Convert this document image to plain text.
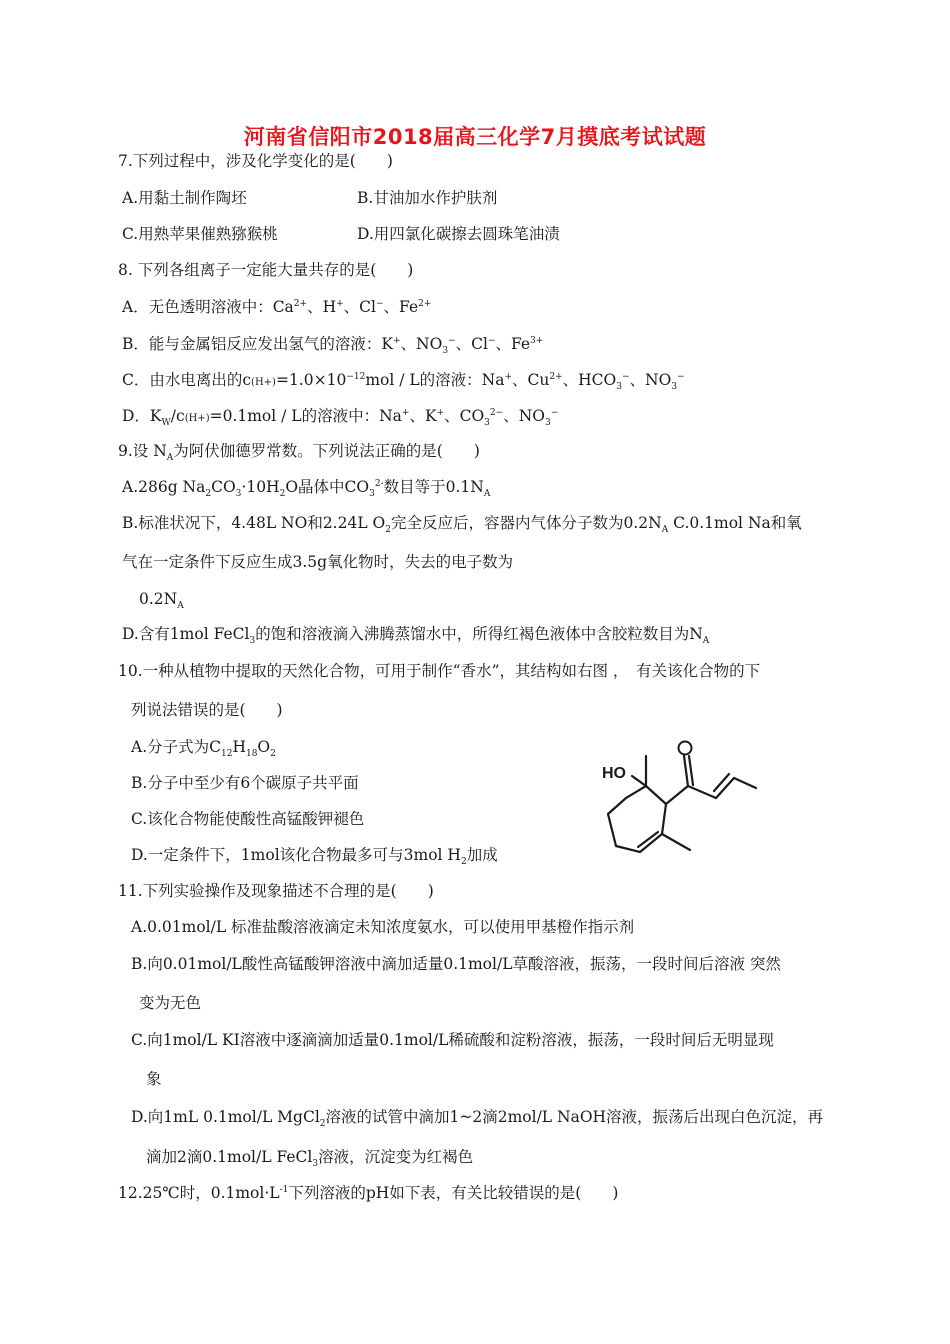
河南省信阳市2018届高三化学7月摸底考试试题
7.下列过程中，涉及化学变化的是(　　)
A.用黏土制作陶坯	B.甘油加水作护肤剂
C.用熟苹果催熟猕猴桃	D.用四氯化碳擦去圆珠笔油渍
8. 下列各组离子一定能大量共存的是(　　)
A．无色透明溶液中：$Ca^{2+}$、H+、Cl−、$Fe^{2+}$
B．能与金属铝反应发出氢气的溶液：K+、$NO_3^-$、Cl−、$Fe^{3+}$
C．由水电离出的$c(H+)=1.0\times 10^{-12}mol / L$的溶液：Na+、$Cu^{2+}$、$HCO_3^-$、$NO_3^-$
D．$K_W/c(H+)=0.1mol / L$的溶液中：Na+、K+、$CO_3^{2-}$、$NO_3^-$
9.设 $N_A$为阿伏伽德罗常数。下列说法正确的是(　　)
A.286g $Na_2CO_3\cdot 10H_2O$晶体中$CO_3^{2-}$数目等于$0.1N_A$
B.标准状况下，4.48L NO和2.24L $O_2$完全反应后，容器内气体分子数为$0.2N_A$ C.0.1mol Na和氧
气在一定条件下反应生成3.5g氧化物时，失去的电子数为
$0.2N_A$
D.含有1mol FeCl$_3$的饱和溶液滴入沸腾蒸馏水中，所得红褐色液体中含胶粒数目为$N_A$
10.一种从植物中提取的天然化合物，可用于制作“香水”，其结构如右图 ，　有关该化合物的下
列说法错误的是(　　)
A.分子式为$C_{12}H_{18}O_2$
B.分子中至少有6个碳原子共平面
C.该化合物能使酸性高锰酸钾褪色
D.一定条件下，1mol该化合物最多可与3mol $H_2$加成
HO
11.下列实验操作及现象描述不合理的是(　　)
A.0.01mol/L 标准盐酸溶液滴定未知浓度氨水，可以使用甲基橙作指示剂
B.向0.01mol/L酸性高锰酸钾溶液中滴加适量0.1mol/L草酸溶液，振荡，一段时间后溶液 突然
变为无色
C.向1mol/L KI溶液中逐滴滴加适量0.1mol/L稀硫酸和淀粉溶液，振荡，一段时间后无明显现
象
D.向1mL 0.1mol/L MgCl$_2$溶液的试管中滴加1~2滴2mol/L NaOH溶液，振荡后出现白色沉淀，再
滴加2滴0.1mol/L FeCl$_3$溶液，沉淀变为红褐色
12.25℃时，$0.1mol\cdot L^{-1}$下列溶液的pH如下表，有关比较错误的是(　　)
